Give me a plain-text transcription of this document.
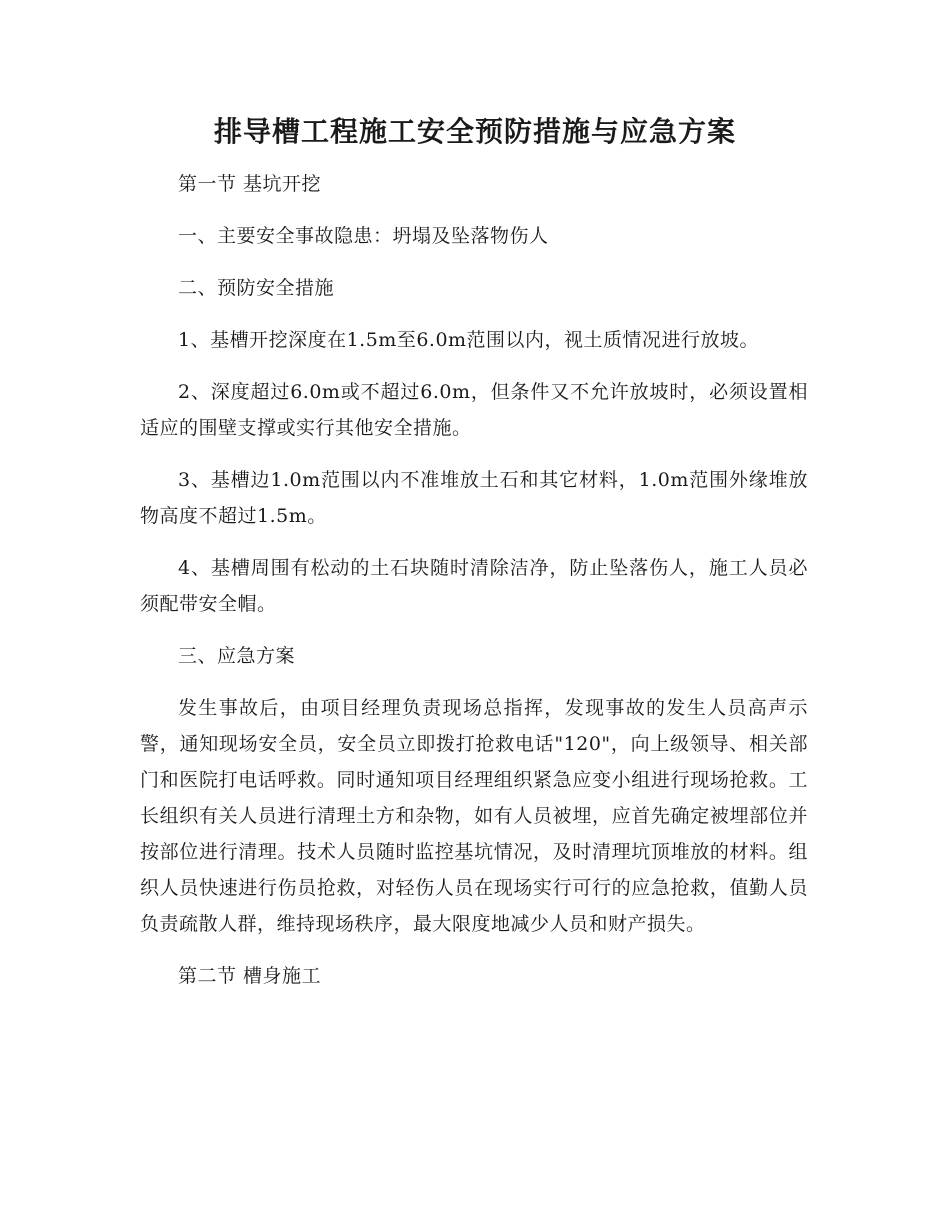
排导槽工程施工安全预防措施与应急方案

第一节 基坑开挖

一、主要安全事故隐患：坍塌及坠落物伤人

二、预防安全措施

1、基槽开挖深度在1.5m至6.0m范围以内，视土质情况进行放坡。

2、深度超过6.0m或不超过6.0m，但条件又不允许放坡时，必须设置相适应的围壁支撑或实行其他安全措施。

3、基槽边1.0m范围以内不准堆放土石和其它材料，1.0m范围外缘堆放物高度不超过1.5m。

4、基槽周围有松动的土石块随时清除洁净，防止坠落伤人，施工人员必须配带安全帽。

三、应急方案

发生事故后，由项目经理负责现场总指挥，发现事故的发生人员高声示警，通知现场安全员，安全员立即拨打抢救电话"120"，向上级领导、相关部门和医院打电话呼救。同时通知项目经理组织紧急应变小组进行现场抢救。工长组织有关人员进行清理土方和杂物，如有人员被埋，应首先确定被埋部位并按部位进行清理。技术人员随时监控基坑情况，及时清理坑顶堆放的材料。组织人员快速进行伤员抢救，对轻伤人员在现场实行可行的应急抢救，值勤人员负责疏散人群，维持现场秩序，最大限度地减少人员和财产损失。

第二节 槽身施工
